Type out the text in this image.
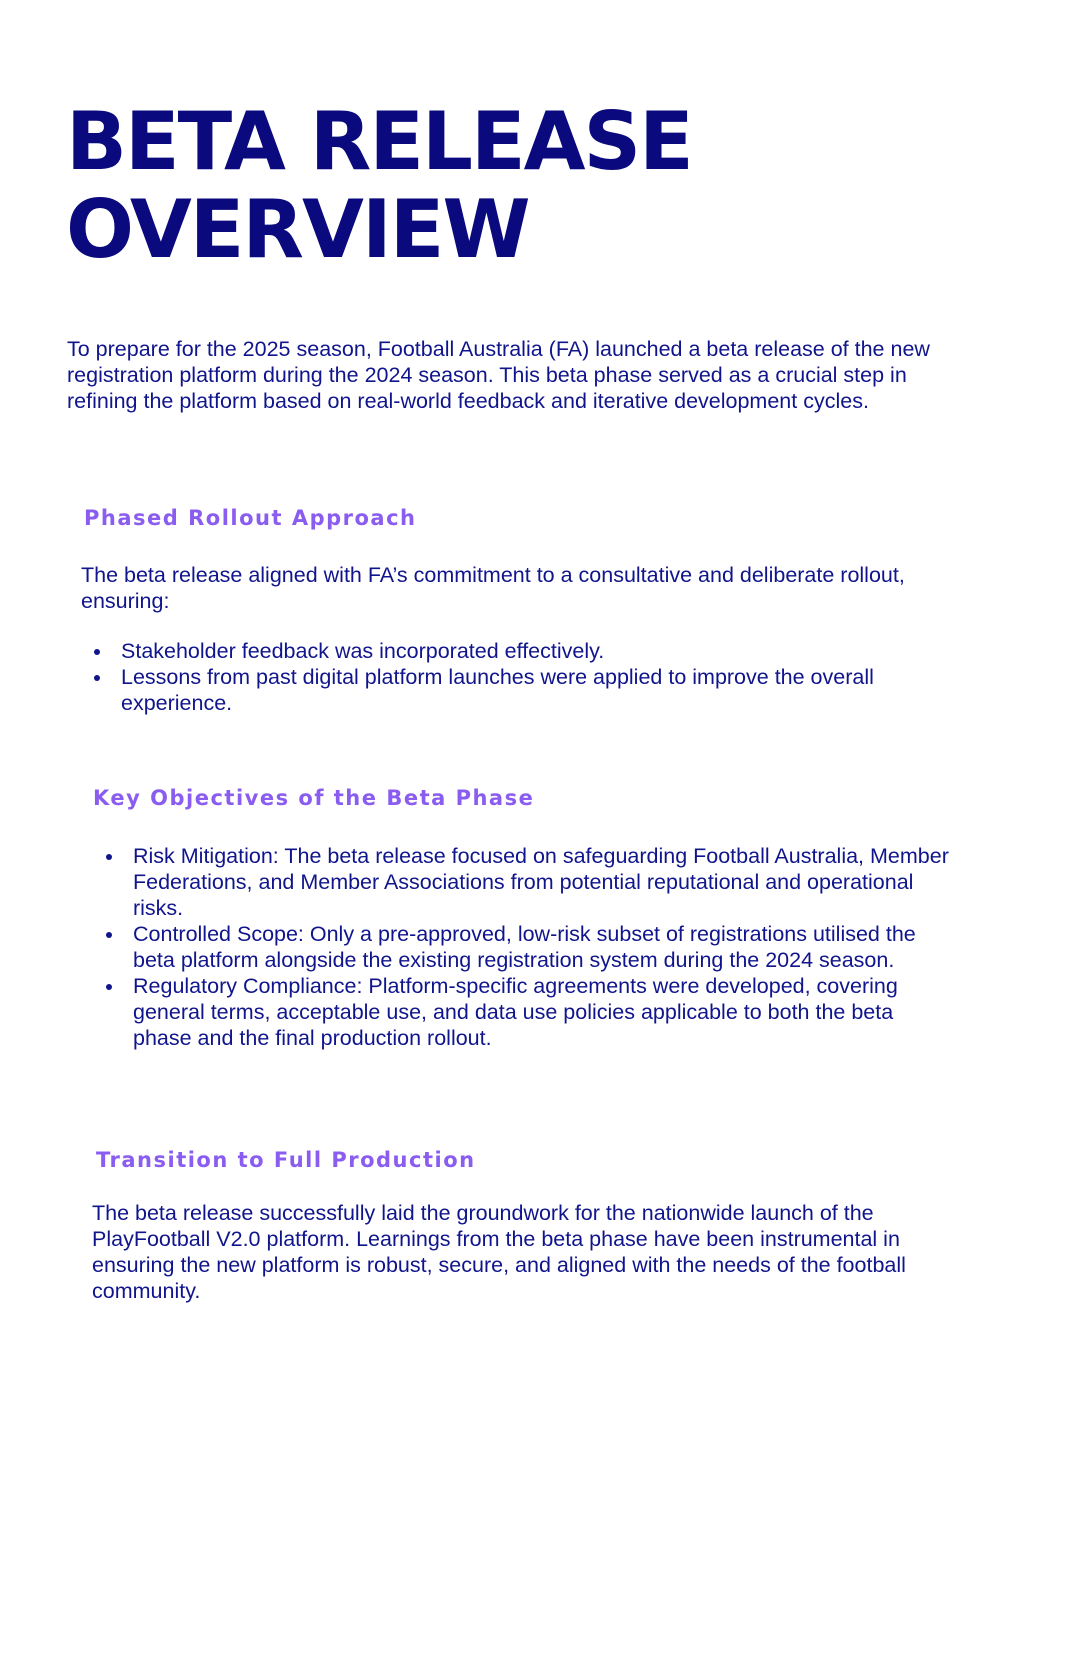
BETA RELEASE OVERVIEW

To prepare for the 2025 season, Football Australia (FA) launched a beta release of the new registration platform during the 2024 season. This beta phase served as a crucial step in refining the platform based on real-world feedback and iterative development cycles.

Phased Rollout Approach

The beta release aligned with FA’s commitment to a consultative and deliberate rollout, ensuring:

Stakeholder feedback was incorporated effectively.
Lessons from past digital platform launches were applied to improve the overall experience.
Key Objectives of the Beta Phase
Risk Mitigation: The beta release focused on safeguarding Football Australia, Member Federations, and Member Associations from potential reputational and operational risks.
Controlled Scope: Only a pre-approved, low-risk subset of registrations utilised the beta platform alongside the existing registration system during the 2024 season.
Regulatory Compliance: Platform-specific agreements were developed, covering general terms, acceptable use, and data use policies applicable to both the beta phase and the final production rollout.
Transition to Full Production

The beta release successfully laid the groundwork for the nationwide launch of the PlayFootball V2.0 platform. Learnings from the beta phase have been instrumental in ensuring the new platform is robust, secure, and aligned with the needs of the football community.
